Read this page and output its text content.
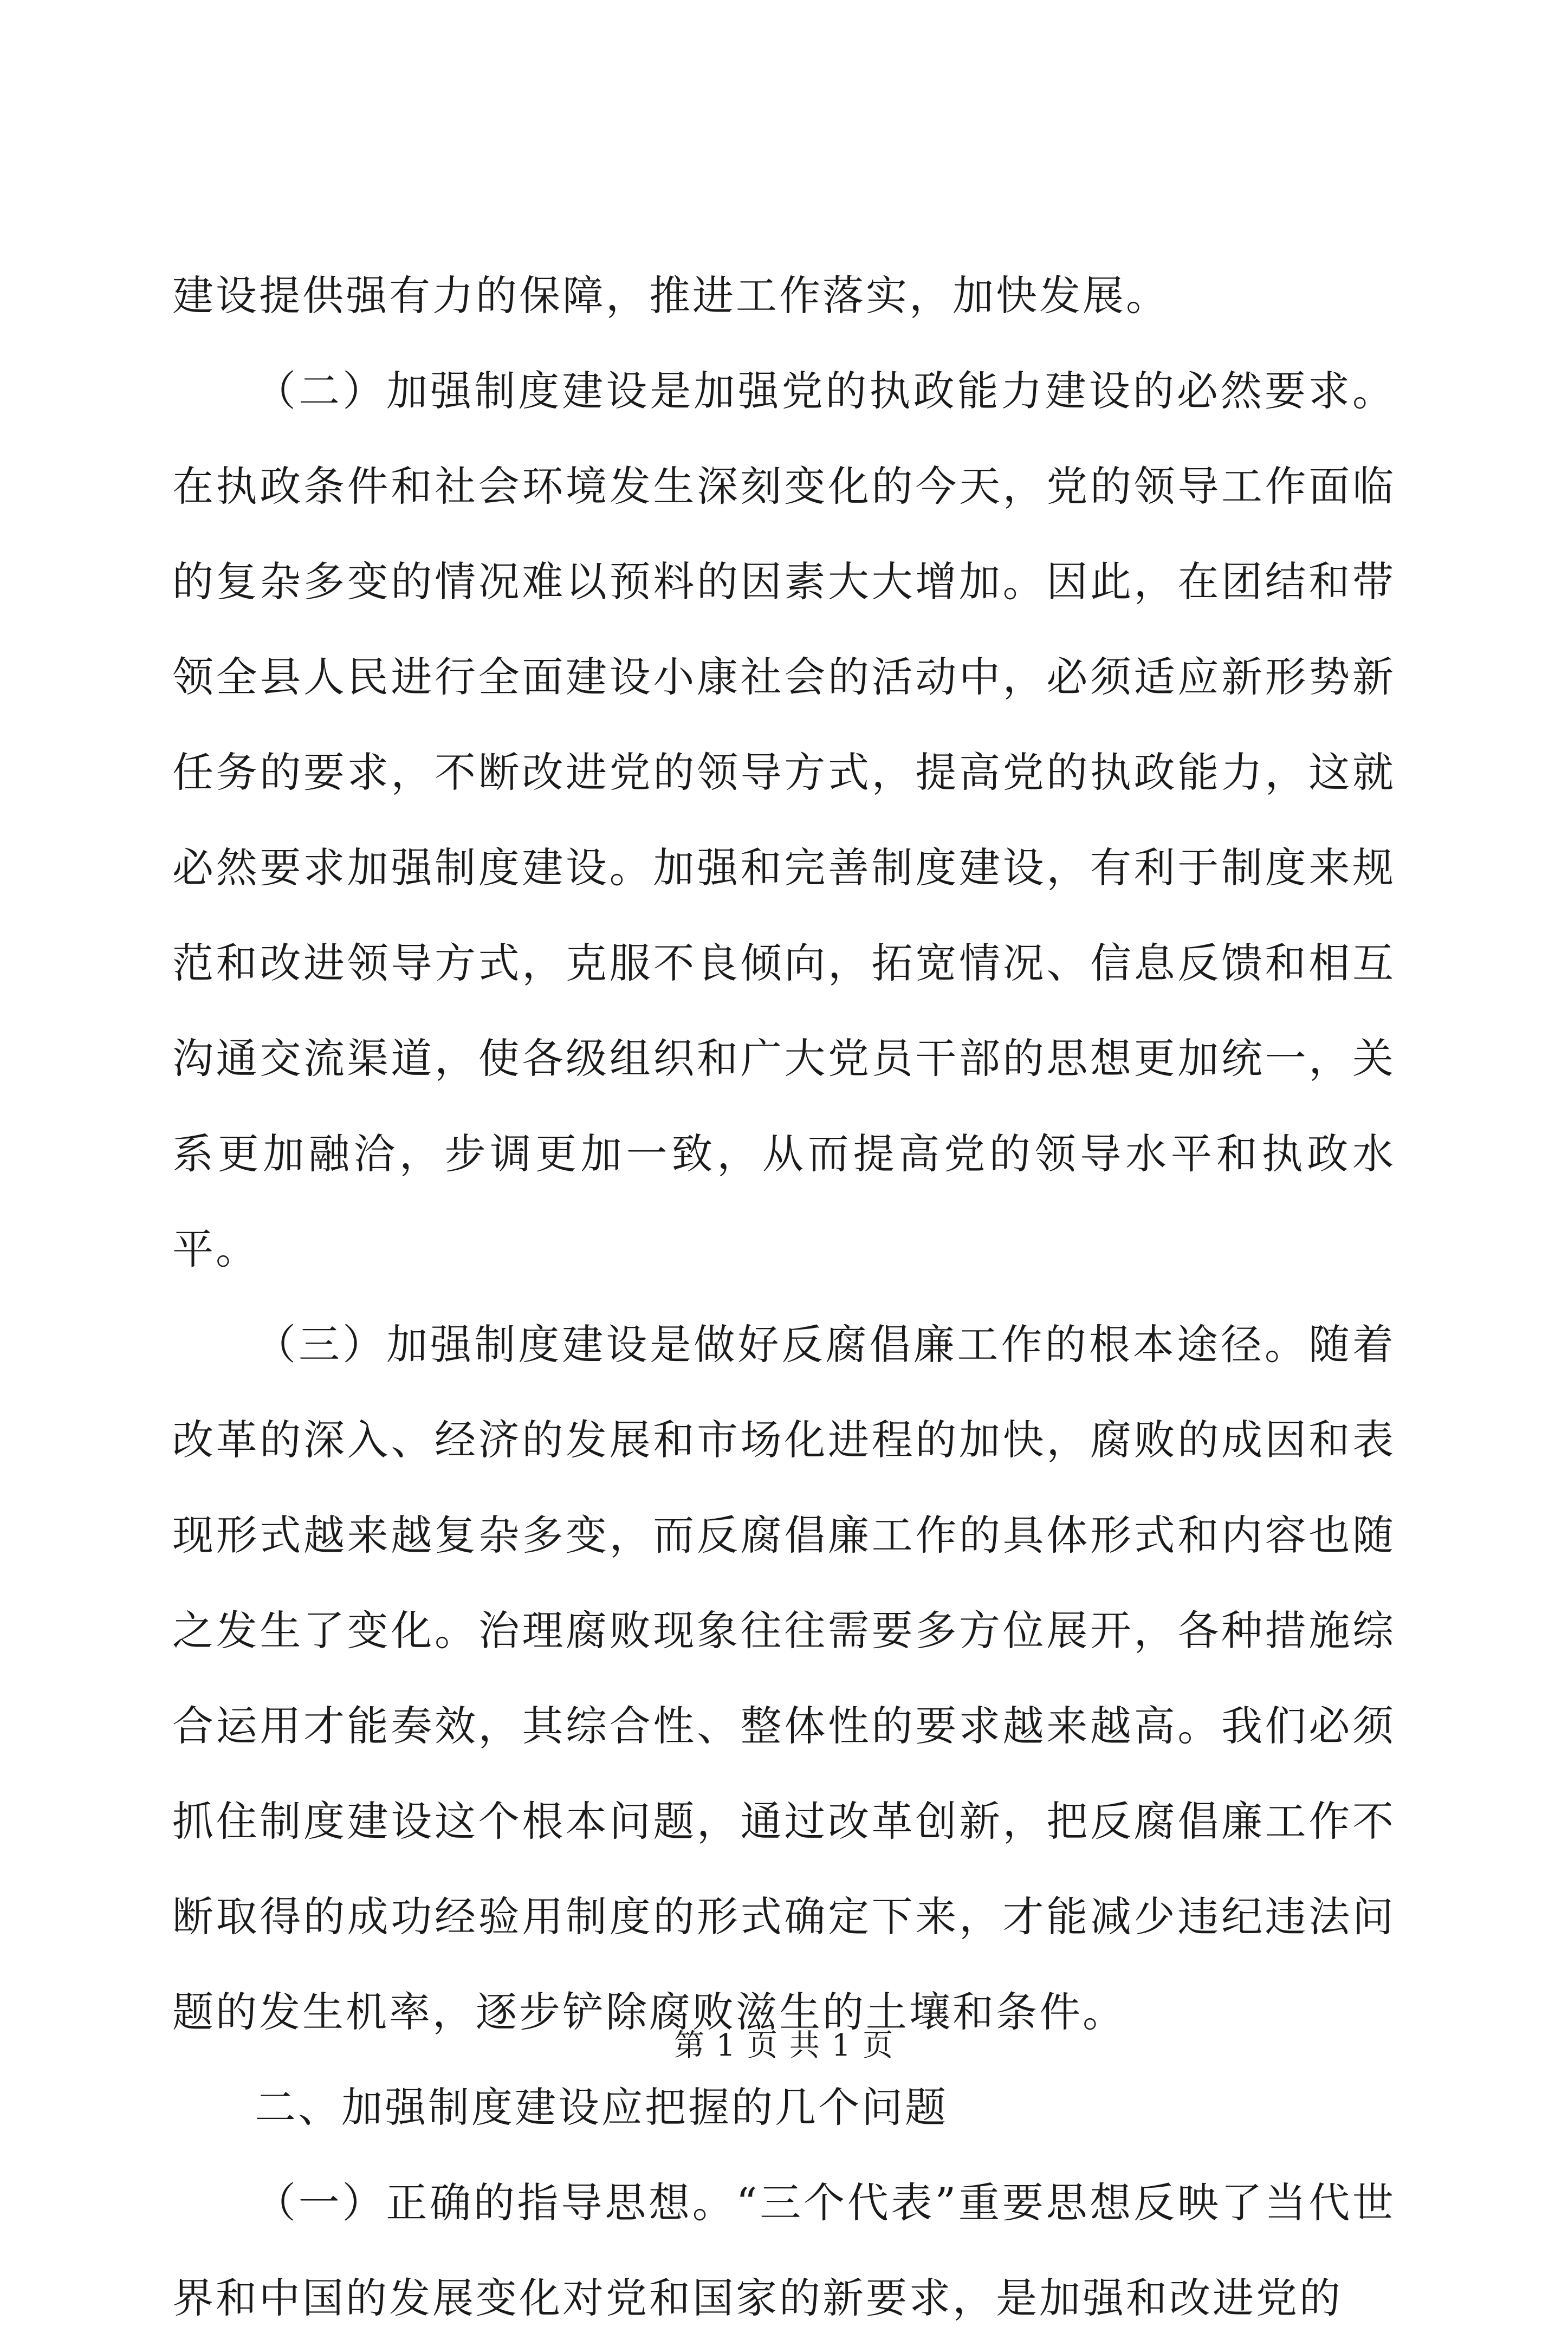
建设提供强有力的保障，推进工作落实，加快发展。

（二）加强制度建设是加强党的执政能力建设的必然要求。在执政条件和社会环境发生深刻变化的今天，党的领导工作面临的复杂多变的情况难以预料的因素大大增加。因此，在团结和带领全县人民进行全面建设小康社会的活动中，必须适应新形势新任务的要求，不断改进党的领导方式，提高党的执政能力，这就必然要求加强制度建设。加强和完善制度建设，有利于制度来规范和改进领导方式，克服不良倾向，拓宽情况、信息反馈和相互沟通交流渠道，使各级组织和广大党员干部的思想更加统一，关系更加融洽，步调更加一致，从而提高党的领导水平和执政水平。

（三）加强制度建设是做好反腐倡廉工作的根本途径。随着改革的深入、经济的发展和市场化进程的加快，腐败的成因和表现形式越来越复杂多变，而反腐倡廉工作的具体形式和内容也随之发生了变化。治理腐败现象往往需要多方位展开，各种措施综合运用才能奏效，其综合性、整体性的要求越来越高。我们必须抓住制度建设这个根本问题，通过改革创新，把反腐倡廉工作不断取得的成功经验用制度的形式确定下来，才能减少违纪违法问题的发生机率，逐步铲除腐败滋生的土壤和条件。

二、加强制度建设应把握的几个问题

（一）正确的指导思想。“三个代表”重要思想反映了当代世界和中国的发展变化对党和国家的新要求，是加强和改进党的

第 1 页 共 1 页
